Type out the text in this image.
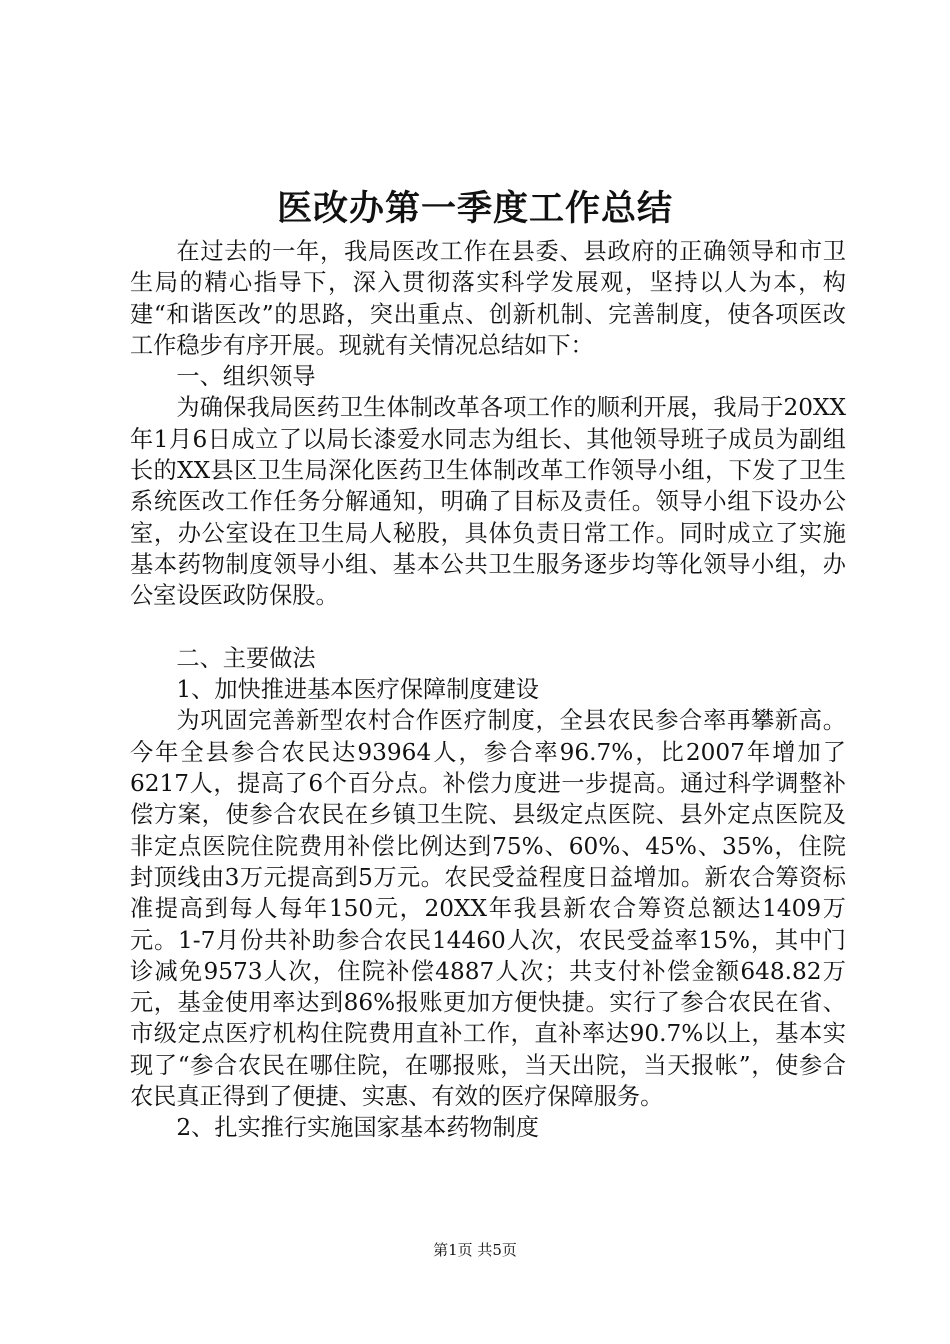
医改办第一季度工作总结

在过去的一年，我局医改工作在县委、县政府的正确领导和市卫生局的精心指导下，深入贯彻落实科学发展观，坚持以人为本，构建“和谐医改”的思路，突出重点、创新机制、完善制度，使各项医改工作稳步有序开展。现就有关情况总结如下：

一、组织领导

为确保我局医药卫生体制改革各项工作的顺利开展，我局于20XX年1月6日成立了以局长漆爱水同志为组长、其他领导班子成员为副组长的XX县区卫生局深化医药卫生体制改革工作领导小组，下发了卫生系统医改工作任务分解通知，明确了目标及责任。领导小组下设办公室，办公室设在卫生局人秘股，具体负责日常工作。同时成立了实施基本药物制度领导小组、基本公共卫生服务逐步均等化领导小组，办公室设医政防保股。

二、主要做法

1、加快推进基本医疗保障制度建设

为巩固完善新型农村合作医疗制度，全县农民参合率再攀新高。今年全县参合农民达93964人，参合率96.7%，比2007年增加了6217人，提高了6个百分点。补偿力度进一步提高。通过科学调整补偿方案，使参合农民在乡镇卫生院、县级定点医院、县外定点医院及非定点医院住院费用补偿比例达到75%、60%、45%、35%，住院封顶线由3万元提高到5万元。农民受益程度日益增加。新农合筹资标准提高到每人每年150元，20XX年我县新农合筹资总额达1409万元。1-7月份共补助参合农民14460人次，农民受益率15%，其中门诊减免9573人次，住院补偿4887人次；共支付补偿金额648.82万元，基金使用率达到86%报账更加方便快捷。实行了参合农民在省、市级定点医疗机构住院费用直补工作，直补率达90.7%以上，基本实现了“参合农民在哪住院，在哪报账，当天出院，当天报帐”，使参合农民真正得到了便捷、实惠、有效的医疗保障服务。

2、扎实推行实施国家基本药物制度

第1页 共5页
